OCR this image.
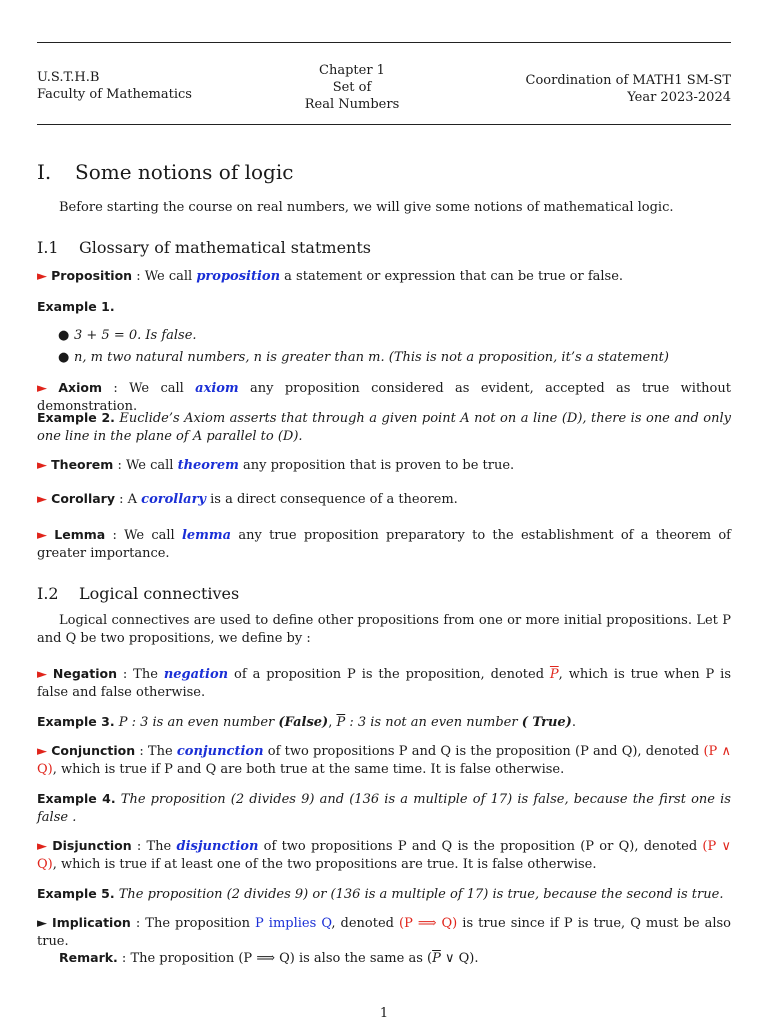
U.S.T.H.B
Faculty of Mathematics
Chapter 1
Set of
Real Numbers
Coordination of MATH1 SM-ST
Year 2023-2024
I. Some notions of logic
Before starting the course on real numbers, we will give some notions of mathematical logic.
I.1 Glossary of mathematical statments
► Proposition : We call proposition a statement or expression that can be true or false.
Example 1.
● 3 + 5 = 0. Is false.
● n, m two natural numbers, n is greater than m. (This is not a proposition, it’s a statement)
► Axiom : We call axiom any proposition considered as evident, accepted as true without demonstration.
Example 2. Euclide’s Axiom asserts that through a given point A not on a line (D), there is one and only one line in the plane of A parallel to (D).
► Theorem : We call theorem any proposition that is proven to be true.
► Corollary : A corollary is a direct consequence of a theorem.
► Lemma : We call lemma any true proposition preparatory to the establishment of a theorem of greater importance.
I.2 Logical connectives
Logical connectives are used to define other propositions from one or more initial propositions. Let P and Q be two propositions, we define by :
► Negation : The negation of a proposition P is the proposition, denoted $\overline{P}$, which is true when P is false and false otherwise.
Example 3. P : 3 is an even number (False), $\overline{P}$ : 3 is not an even number ( True).
► Conjunction : The conjunction of two propositions P and Q is the proposition (P and Q), denoted (P ∧ Q), which is true if P and Q are both true at the same time. It is false otherwise.
Example 4. The proposition (2 divides 9) and (136 is a multiple of 17) is false, because the first one is false .
► Disjunction : The disjunction of two propositions P and Q is the proposition (P or Q), denoted (P ∨ Q), which is true if at least one of the two propositions are true. It is false otherwise.
Example 5. The proposition (2 divides 9) or (136 is a multiple of 17) is true, because the second is true.
► Implication : The proposition P implies Q, denoted (P ⟹ Q) is true since if P is true, Q must be also true.
Remark. : The proposition (P ⟹ Q) is also the same as ($\overline{P}$ ∨ Q).
1
